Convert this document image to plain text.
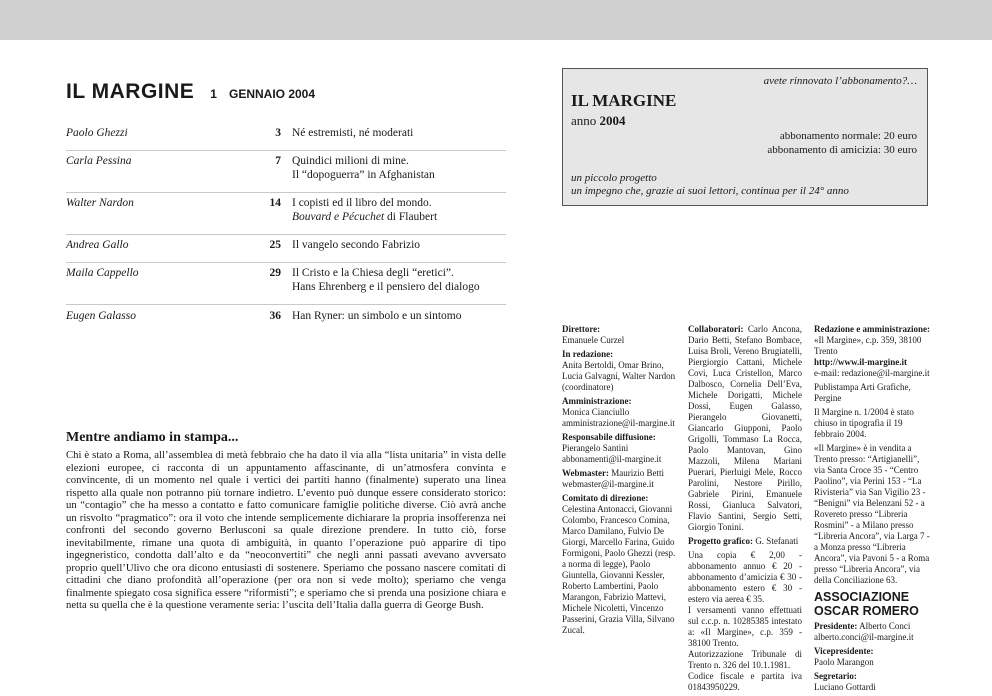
IL MARGINE 1 GENNAIO 2004
Paolo Ghezzi	3 Né estremisti, né moderati
Carla Pessina	7 Quindici milioni di mine.
Il “dopoguerra” in Afghanistan
Walter Nardon	14 I copisti ed il libro del mondo.
Bouvard e Pécuchet di Flaubert
Andrea Gallo	25 Il vangelo secondo Fabrizio
Maila Cappello	29 Il Cristo e la Chiesa degli “eretici”.
Hans Ehrenberg e il pensiero del dialogo
Eugen Galasso	36 Han Ryner: un simbolo e un sintomo
Mentre andiamo in stampa...

Chi è stato a Roma, all’assemblea di metà febbraio che ha dato il via alla “lista unitaria” in vista delle elezioni europee, ci racconta di un appuntamento affascinante, di un’atmosfera convinta e convincente, di un momento nel quale i vertici dei partiti hanno (finalmente) superato una linea rispetto alla quale non potranno più tornare indietro. L’evento può dunque essere considerato storico: un “contagio” che ha messo a contatto e fatto comunicare famiglie politiche diverse. Ciò avrà anche un risvolto “pragmatico”: ora il voto che intende semplicemente dichiarare la propria insofferenza nei confronti del secondo governo Berlusconi sa quale direzione prendere. In tutto ciò, forse inevitabilmente, rimane una quota di ambiguità, in quanto l’operazione può apparire di tipo ingegneristico, condotta dall’alto e da “neoconvertiti” che negli anni passati avevano avversato proprio quell’Ulivo che ora dicono entusiasti di sostenere. Speriamo che possano nascere comitati di cittadini che diano profondità all’operazione (per ora non si vede molto); speriamo che venga finalmente spiegato cosa significa essere “riformisti”; e speriamo che si prenda una posizione chiara e netta su quella che è la questione veramente seria: l’uscita dell’Italia dalla guerra di George Bush.

avete rinnovato l’abbonamento?…
IL MARGINE
anno 2004
abbonamento normale: 20 euro
abbonamento di amicizia: 30 euro
un piccolo progetto
un impegno che, grazie ai suoi lettori, continua per il 24° anno

Direttore:
Emanuele Curzel

In redazione:
Anita Bertoldi, Omar Brino, Lucia Galvagni, Walter Nardon (coordinatore)

Amministrazione:
Monica Cianciullo
amministrazione@il-margine.it

Responsabile diffusione:
Pierangelo Santini
abbonamenti@il-margine.it

Webmaster: Maurizio Betti
webmaster@il-margine.it

Comitato di direzione: Celestina Antonacci, Giovanni Colombo, Francesco Comina, Marco Damilano, Fulvio De Giorgi, Marcello Farina, Guido Formigoni, Paolo Ghezzi (resp. a norma di legge), Paolo Giuntella, Giovanni Kessler, Roberto Lambertini, Paolo Marangon, Fabrizio Mattevi, Michele Nicoletti, Vincenzo Passerini, Grazia Villa, Silvano Zucal.

Collaboratori: Carlo Ancona, Dario Betti, Stefano Bombace, Luisa Broli, Vereno Brugiatelli, Piergiorgio Cattani, Michele Covi, Luca Cristellon, Marco Dalbosco, Cornelia Dell’Eva, Michele Dorigatti, Michele Dossi, Eugen Galasso, Pierangelo Giovanetti, Giancarlo Giupponi, Paolo Grigolli, Tommaso La Rocca, Paolo Mantovan, Gino Mazzoli, Milena Mariani Puerari, Pierluigi Mele, Rocco Parolini, Nestore Pirillo, Gabriele Pirini, Emanuele Rossi, Gianluca Salvatori, Flavio Santini, Sergio Setti, Giorgio Tonini.

Progetto grafico: G. Stefanati

Una copia € 2,00 - abbonamento annuo € 20 - abbonamento d’amicizia € 30 - abbonamento estero € 30 - estero via aerea € 35.
I versamenti vanno effettuati sul c.c.p. n. 10285385 intestato a: «Il Margine», c.p. 359 - 38100 Trento.
Autorizzazione Tribunale di Trento n. 326 del 10.1.1981.
Codice fiscale e partita iva 01843950229.

Redazione e amministrazione: «Il Margine», c.p. 359, 38100 Trento
http://www.il-margine.it
e-mail: redazione@il-margine.it

Publistampa Arti Grafiche, Pergine

Il Margine n. 1/2004 è stato chiuso in tipografia il 19 febbraio 2004.

«Il Margine» è in vendita a Trento presso: “Artigianelli”, via Santa Croce 35 - “Centro Paolino”, via Perini 153 - “La Rivisteria” via San Vigilio 23 - “Benigni” via Belenzani 52 - a Rovereto presso “Libreria Rosmini” - a Milano presso “Libreria Ancora”, via Larga 7 - a Monza presso “Libreria Ancora”, via Pavoni 5 - a Roma presso “Libreria Ancora”, via della Conciliazione 63.

ASSOCIAZIONE
OSCAR ROMERO

Presidente: Alberto Conci
alberto.conci@il-margine.it

Vicepresidente:
Paolo Marangon

Segretario:
Luciano Gottardi
